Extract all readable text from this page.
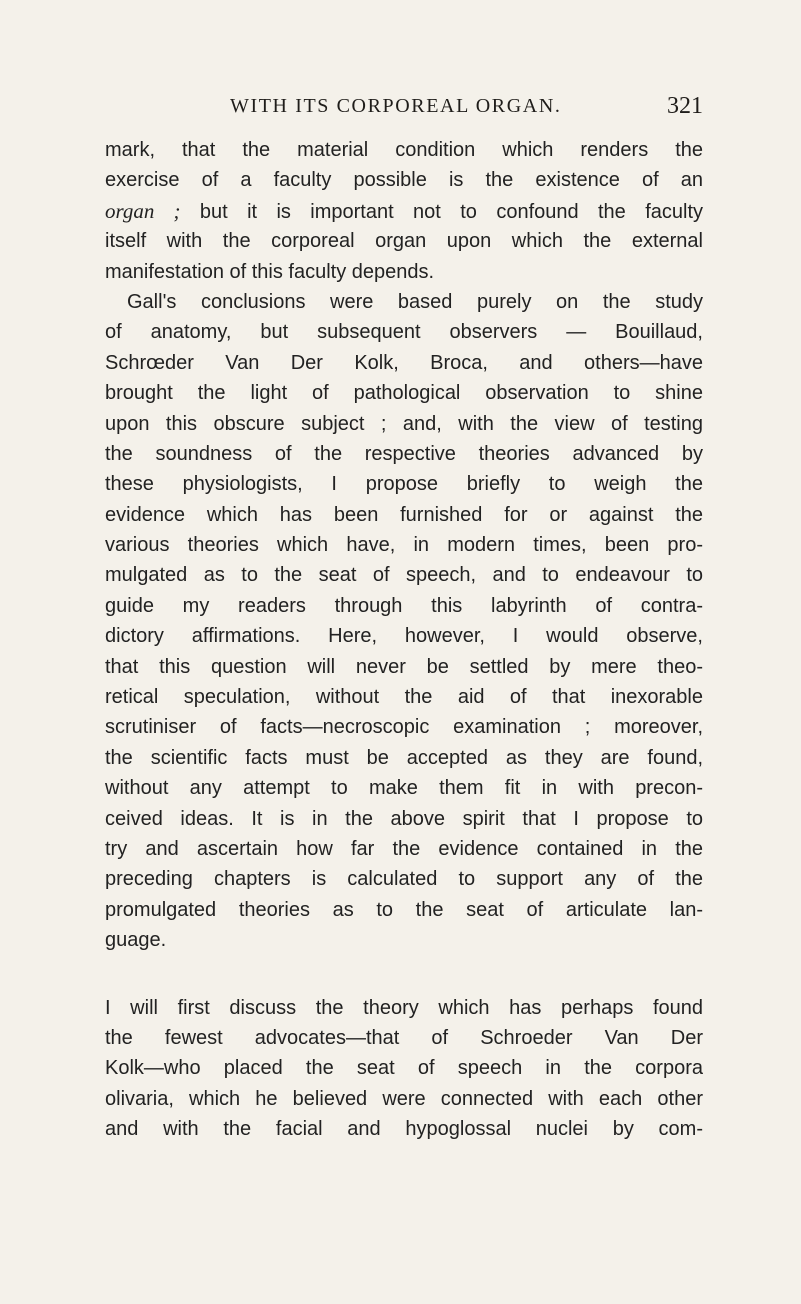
WITH ITS CORPOREAL ORGAN.	321
mark, that the material condition which renders the
exercise of a faculty possible is the existence of an
organ ; but it is important not to confound the faculty
itself with the corporeal organ upon which the external
manifestation of this faculty depends.
Gall's conclusions were based purely on the study
of anatomy, but subsequent observers — Bouillaud,
Schrœder Van Der Kolk, Broca, and others—have
brought the light of pathological observation to shine
upon this obscure subject ; and, with the view of testing
the soundness of the respective theories advanced by
these physiologists, I propose briefly to weigh the
evidence which has been furnished for or against the
various theories which have, in modern times, been pro-
mulgated as to the seat of speech, and to endeavour to
guide my readers through this labyrinth of contra-
dictory affirmations. Here, however, I would observe,
that this question will never be settled by mere theo-
retical speculation, without the aid of that inexorable
scrutiniser of facts—necroscopic examination ; moreover,
the scientific facts must be accepted as they are found,
without any attempt to make them fit in with precon-
ceived ideas. It is in the above spirit that I propose to
try and ascertain how far the evidence contained in the
preceding chapters is calculated to support any of the
promulgated theories as to the seat of articulate lan-
guage.
I will first discuss the theory which has perhaps found
the fewest advocates—that of Schroeder Van Der
Kolk—who placed the seat of speech in the corpora
olivaria, which he believed were connected with each other
and with the facial and hypoglossal nuclei by com-
